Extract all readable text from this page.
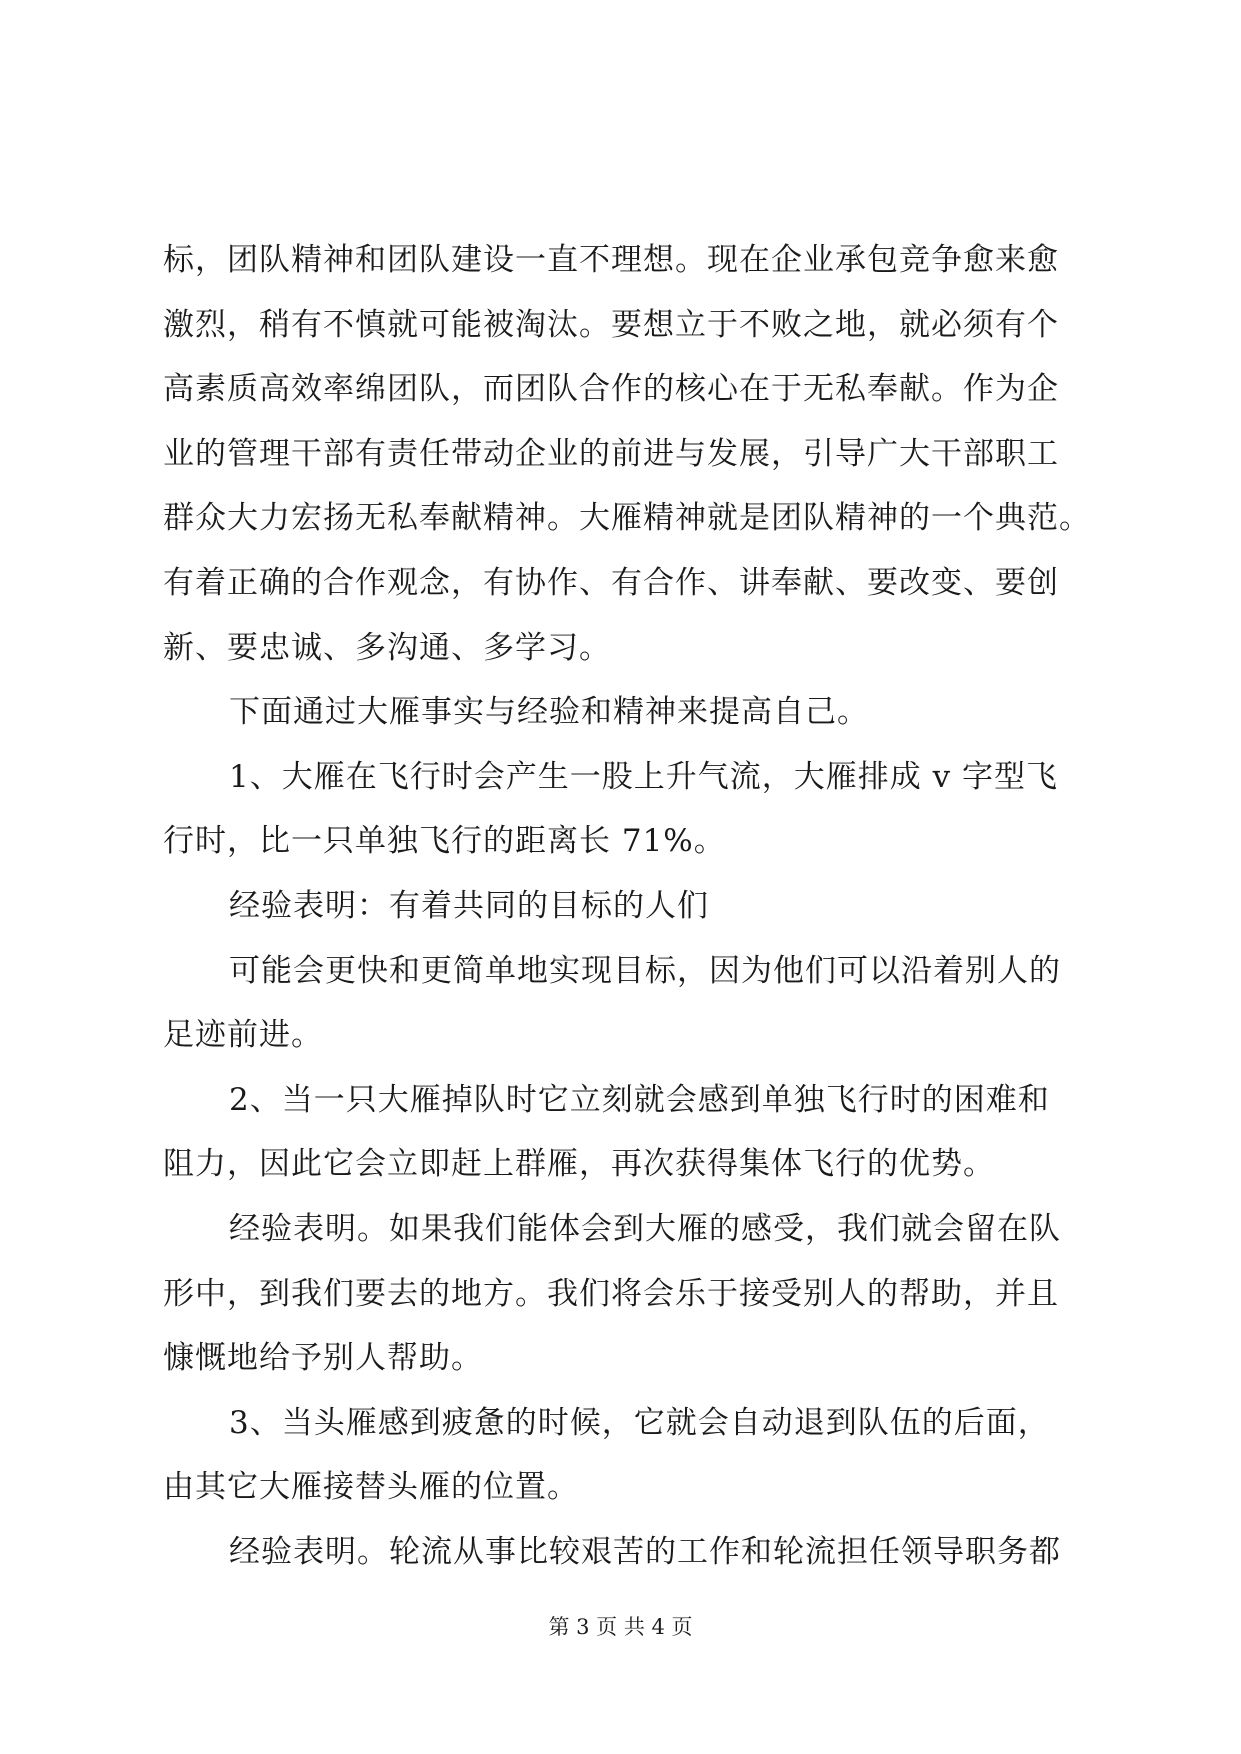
标，团队精神和团队建设一直不理想。现在企业承包竞争愈来愈
激烈，稍有不慎就可能被淘汰。要想立于不败之地，就必须有个
高素质高效率绵团队，而团队合作的核心在于无私奉献。作为企
业的管理干部有责任带动企业的前进与发展，引导广大干部职工
群众大力宏扬无私奉献精神。大雁精神就是团队精神的一个典范。
有着正确的合作观念，有协作、有合作、讲奉献、要改变、要创
新、要忠诚、多沟通、多学习。
下面通过大雁事实与经验和精神来提高自己。
1、大雁在飞行时会产生一股上升气流，大雁排成 v 字型飞
行时，比一只单独飞行的距离长 71%。
经验表明：有着共同的目标的人们
可能会更快和更简单地实现目标，因为他们可以沿着别人的
足迹前进。
2、当一只大雁掉队时它立刻就会感到单独飞行时的困难和
阻力，因此它会立即赶上群雁，再次获得集体飞行的优势。
经验表明。如果我们能体会到大雁的感受，我们就会留在队
形中，到我们要去的地方。我们将会乐于接受别人的帮助，并且
慷慨地给予别人帮助。
3、当头雁感到疲惫的时候，它就会自动退到队伍的后面，
由其它大雁接替头雁的位置。
经验表明。轮流从事比较艰苦的工作和轮流担任领导职务都
第 3 页 共 4 页
